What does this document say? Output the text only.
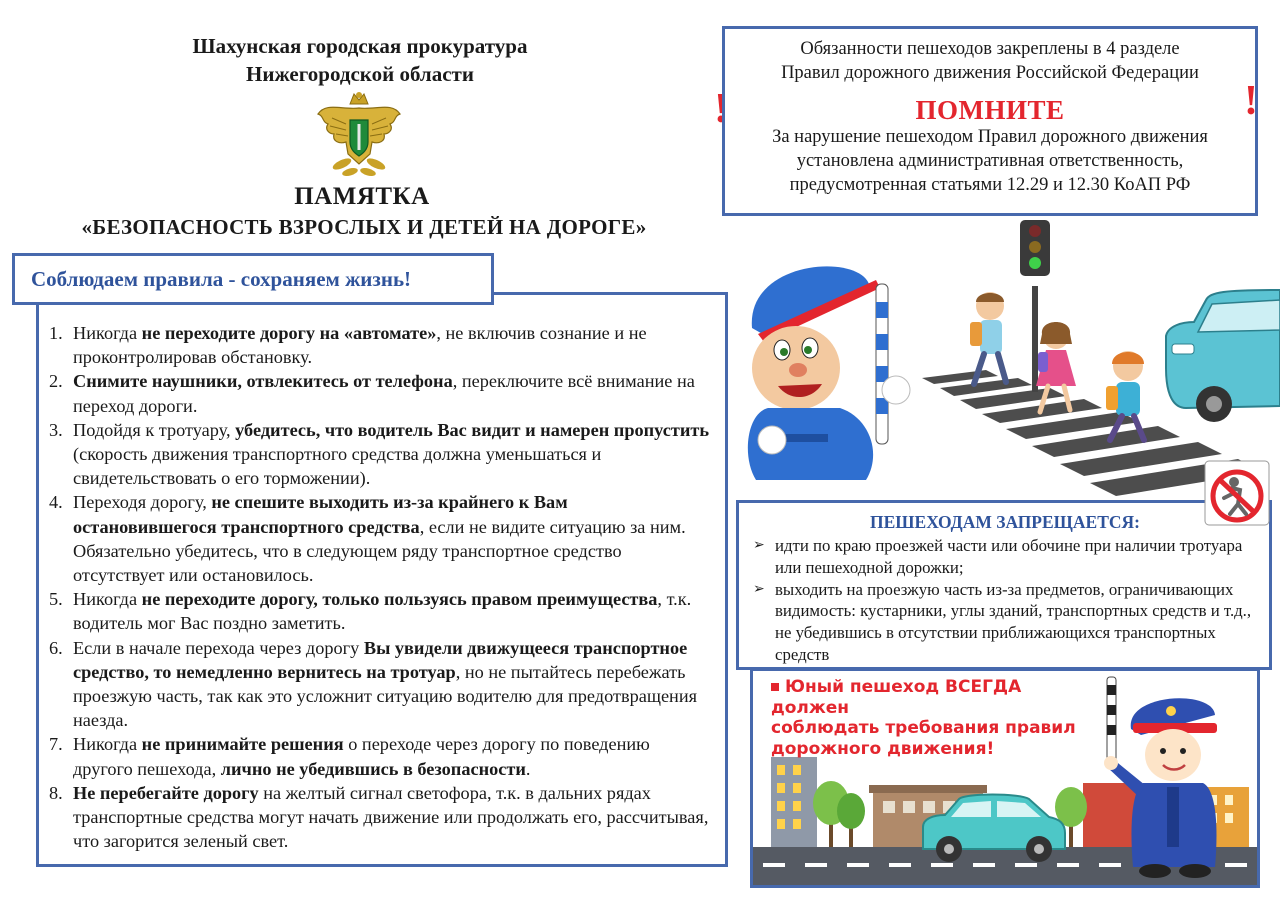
Шахунская городская прокуратура
Нижегородской области
ПАМЯТКА
«БЕЗОПАСНОСТЬ ВЗРОСЛЫХ И ДЕТЕЙ НА ДОРОГЕ»
Соблюдаем правила - сохраняем жизнь!
1. Никогда не переходите дорогу на «автомате», не включив сознание и не проконтролировав обстановку.
2. Снимите наушники, отвлекитесь от телефона, переключите всё внимание на переход дороги.
3. Подойдя к тротуару, убедитесь, что водитель Вас видит и намерен пропустить (скорость движения транспортного средства должна уменьшаться и свидетельствовать о его торможении).
4. Переходя дорогу, не спешите выходить из-за крайнего к Вам остановившегося транспортного средства, если не видите ситуацию за ним. Обязательно убедитесь, что в следующем ряду транспортное средство отсутствует или остановилось.
5. Никогда не переходите дорогу, только пользуясь правом преимущества, т.к. водитель мог Вас поздно заметить.
6. Если в начале перехода через дорогу Вы увидели движущееся транспортное средство, то немедленно вернитесь на тротуар, но не пытайтесь перебежать проезжую часть, так как это усложнит ситуацию водителю для предотвращения наезда.
7. Никогда не принимайте решения о переходе через дорогу по поведению другого пешехода, лично не убедившись в безопасности.
8. Не перебегайте дорогу на желтый сигнал светофора, т.к. в дальних рядах транспортные средства могут начать движение или продолжать его, рассчитывая, что загорится зеленый свет.
!	!
Обязанности пешеходов закреплены в 4 разделе
Правил дорожного движения Российской Федерации
ПОМНИТЕ
За нарушение пешеходом Правил дорожного движения
установлена административная ответственность,
предусмотренная статьями 12.29 и 12.30 КоАП РФ
ПЕШЕХОДАМ ЗАПРЕЩАЕТСЯ:
➢ идти по краю проезжей части или обочине при наличии тротуара или пешеходной дорожки;
➢ выходить на проезжую часть из-за предметов, ограничивающих видимость: кустарники, углы зданий, транспортных средств и т.д., не убедившись в отсутствии приближающихся транспортных средств
Юный пешеход ВСЕГДА должен
соблюдать требования правил
дорожного движения!
